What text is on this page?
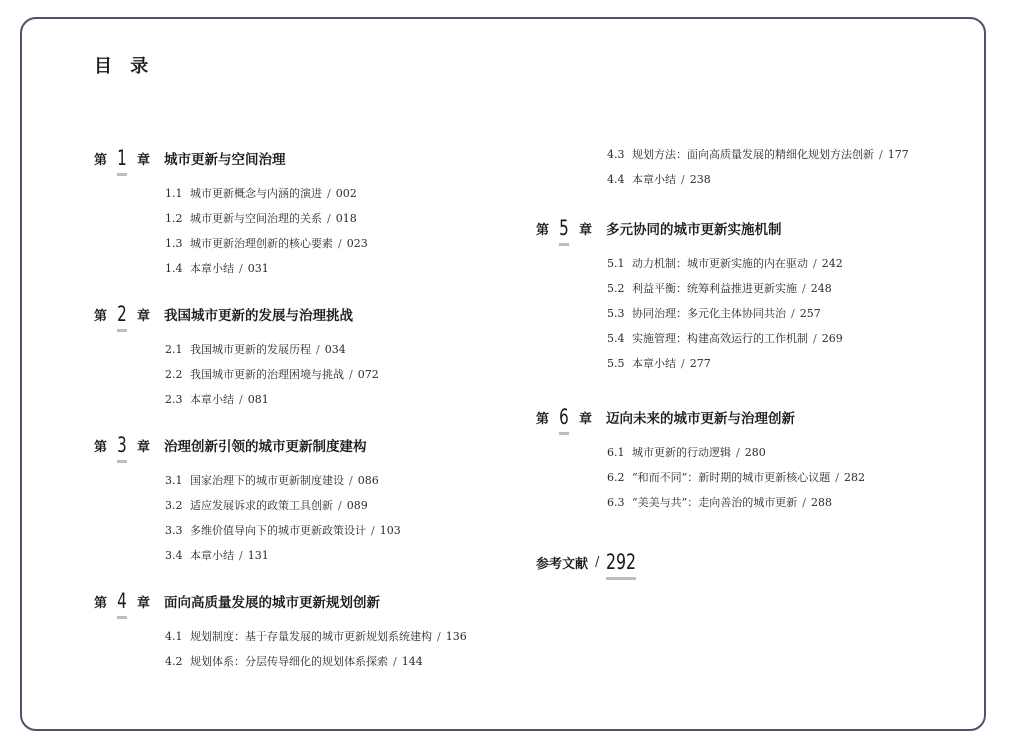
目 录
第 1 章 城市更新与空间治理
1.1 城市更新概念与内涵的演进 / 002
1.2 城市更新与空间治理的关系 / 018
1.3 城市更新治理创新的核心要素 / 023
1.4 本章小结 / 031
第 2 章 我国城市更新的发展与治理挑战
2.1 我国城市更新的发展历程 / 034
2.2 我国城市更新的治理困境与挑战 / 072
2.3 本章小结 / 081
第 3 章 治理创新引领的城市更新制度建构
3.1 国家治理下的城市更新制度建设 / 086
3.2 适应发展诉求的政策工具创新 / 089
3.3 多维价值导向下的城市更新政策设计 / 103
3.4 本章小结 / 131
第 4 章 面向高质量发展的城市更新规划创新
4.1 规划制度：基于存量发展的城市更新规划系统建构 / 136
4.2 规划体系：分层传导细化的规划体系探索 / 144
4.3 规划方法：面向高质量发展的精细化规划方法创新 / 177
4.4 本章小结 / 238
第 5 章 多元协同的城市更新实施机制
5.1 动力机制：城市更新实施的内在驱动 / 242
5.2 利益平衡：统筹利益推进更新实施 / 248
5.3 协同治理：多元化主体协同共治 / 257
5.4 实施管理：构建高效运行的工作机制 / 269
5.5 本章小结 / 277
第 6 章 迈向未来的城市更新与治理创新
6.1 城市更新的行动逻辑 / 280
6.2 “和而不同”：新时期的城市更新核心议题 / 282
6.3 “美美与共”：走向善治的城市更新 / 288
参考文献 / 292
